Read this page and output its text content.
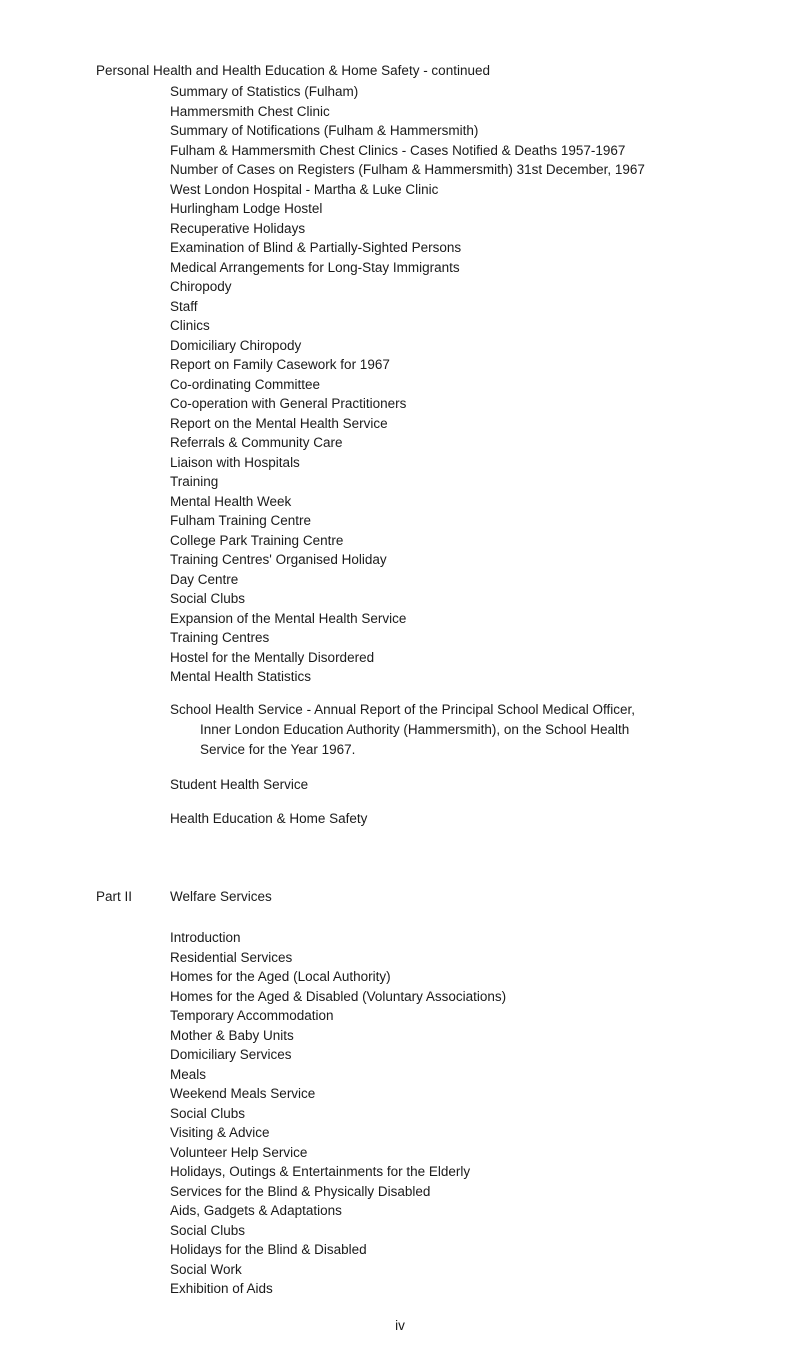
Personal Health and Health Education & Home Safety - continued
Summary of Statistics (Fulham)
Hammersmith Chest Clinic
Summary of Notifications (Fulham & Hammersmith)
Fulham & Hammersmith Chest Clinics - Cases Notified & Deaths 1957-1967
Number of Cases on Registers (Fulham & Hammersmith) 31st December, 1967
West London Hospital - Martha & Luke Clinic
Hurlingham Lodge Hostel
Recuperative Holidays
Examination of Blind & Partially-Sighted Persons
Medical Arrangements for Long-Stay Immigrants
Chiropody
Staff
Clinics
Domiciliary Chiropody
Report on Family Casework for 1967
Co-ordinating Committee
Co-operation with General Practitioners
Report on the Mental Health Service
Referrals & Community Care
Liaison with Hospitals
Training
Mental Health Week
Fulham Training Centre
College Park Training Centre
Training Centres' Organised Holiday
Day Centre
Social Clubs
Expansion of the Mental Health Service
Training Centres
Hostel for the Mentally Disordered
Mental Health Statistics
School Health Service - Annual Report of the Principal School Medical Officer,
Inner London Education Authority (Hammersmith), on the School Health
Service for the Year 1967.
Student Health Service
Health Education & Home Safety
Part II	Welfare Services
Introduction
Residential Services
Homes for the Aged (Local Authority)
Homes for the Aged & Disabled (Voluntary Associations)
Temporary Accommodation
Mother & Baby Units
Domiciliary Services
Meals
Weekend Meals Service
Social Clubs
Visiting & Advice
Volunteer Help Service
Holidays, Outings & Entertainments for the Elderly
Services for the Blind & Physically Disabled
Aids, Gadgets & Adaptations
Social Clubs
Holidays for the Blind & Disabled
Social Work
Exhibition of Aids
iv
